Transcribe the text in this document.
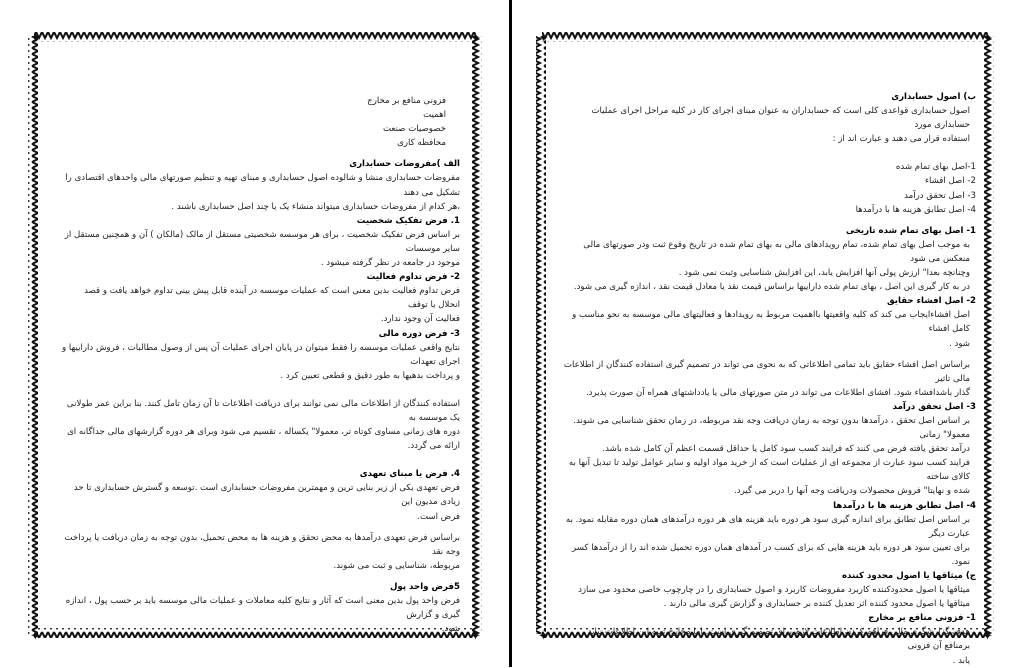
✦	✦
✦	✦

فزونی منافع بر مخارج

اهمیت

خصوصیات صنعت

محافظه کاری

الف )مفروضات حسابداری

مفروضات حسابداری منشا و شالوده اصول حسابداری و مبنای تهیه و تنظیم صورتهای مالی واحدهای اقتصادی را تشکیل می دهند

،هر کدام از مفروضات حسابداری میتواند منشاء یک یا چند اصل حسابداری باشند .

1. فرض تفکیک شخصیت

بر اساس فرض تفکیک شخصیت ، برای هر موسسه شخصیتی مستقل از مالک (مالکان ) آن و همچنین مستقل از سایر موسسات

موجود در جامعه در نظر گرفته میشود .

2- فرض تداوم فعالیت

فرض تداوم فعالیت بدین معنی است که عملیات موسسه در آینده قابل پیش بینی تداوم خواهد یافت و قصد انحلال یا توقف

فعالیت آن وجود ندارد.

3- فرض دوره مالی

نتایج واقعی عملیات موسسه را فقط میتوان در پایان اجرای عملیات آن پس از وصول مطالبات ، فروش داراییها و اجرای تعهدات

و پرداخت بدهیها به طور دقیق و قطعی تعیین کرد .

استفاده کنندگان از اطلاعات مالی نمی توانند برای دریافت اطلاعات تا آن زمان تامل کنند. بنا براین عمر طولانی یک موسسه به

دوره های زمانی مساوی کوتاه تر، معمولا" یکساله ، تقسیم می شود وبرای هر دوره گزارشهای مالی جداگانه ای ارائه می گردد.

4. فرض یا مبنای تعهدی

فرض تعهدی یکی از زیر بنایی ترین و مهمترین مفروضات حسابداری است .توسعه و گسترش حسابداری تا حد زیادی مدیون این

فرض است.

براساس فرض تعهدی درآمدها به محض تحقق و هزینه ها به محض تحمیل، بدون توجه به زمان دریافت یا پرداخت وجه نقد

مربوطه، شناسایی و ثبت می شوند.

5فرض واحد پول

فرض واحد پول بدین معنی است که آثار و نتایج کلیه معاملات و عملیات مالی موسسه باید بر حسب پول ، اندازه گیری و گزارش

شود.

✦	✦
✦	✦

ب) اصول حسابداری

اصول حسابداری قواعدی کلی است که حسابداران به عنوان مبنای اجرای کار در کلیه مراحل اجرای عملیات حسابداری مورد

استفاده قرار می دهند و عبارت اند از :

1-اصل بهای تمام شده

2- اصل افشاء

3- اصل تحقق درآمد

4- اصل تطابق هزینه ها با درآمدها

1- اصل بهای تمام شده تاریخی

به موجب اصل بهای تمام شده، تمام رویدادهای مالی به بهای تمام شده در تاریخ وقوع ثبت ودر صورتهای مالی منعکس می شود

وچنانچه بعدا" ارزش پولی آنها افزایش یابد، این افزایش شناسایی وثبت نمی شود .

در به کار گیری این اصل ، بهای تمام شده داراییها براساس قیمت نقد یا معادل قیمت نقد ، اندازه گیری می شود.

2- اصل افشاء حقایق

اصل افشاءایجاب می کند که کلیه واقعیتها بااهمیت مربوط به رویدادها و فعالیتهای مالی موسسه به نحو مناسب و کامل افشاء

شود .

براساس اصل افشاء حقایق باید تمامی اطلاعاتی که به نحوی می تواند در تصمیم گیری استفاده کنندگان از اطلاعات مالی تاثیر

گذار باشدافشاء شود. افشای اطلاعات می تواند در متن صورتهای مالی یا یادداشتهای همراه آن صورت پذیرد.

3- اصل تحقق درآمد

بر اساس اصل تحقق ، درآمدها بدون توجه به زمان دریافت وجه نقد مربوطه، در زمان تحقق شناسایی می شوند. معمولا" زمانی

درآمد تحقق یافته فرض می کنند که فرایند کسب سود کامل یا حداقل قسمت اعظم آن کامل شده باشد.

فرایند کسب سود عبارت از مجموعه ای از عملیات است که از خرید مواد اولیه و سایر عوامل تولید تا تبدیل آنها به کالای ساخته

شده و نهایتا" فروش محصولات ودریافت وجه آنها را دربر می گیرد.

4- اصل تطابق هزینه ها با درآمدها

بر اساس اصل تطابق برای اندازه گیری سود هر دوره باید هزینه های هر دوره درآمدهای همان دوره مقابله نمود. به عبارت دیگر

برای تعیین سود هر دوره باید هزینه هایی که برای کسب در آمدهای همان دوره تحمیل شده اند را از درآمدها کسر نمود.

ج) میثاقها یا اصول محدود کننده

میثاقها یا اصول محدودکننده کاربرد مفروضات کاربرد و اصول حسابداری را در چارچوب خاصی محدود می سازد

میثاقها یا اصول محدود کننده اثر تعدیل کننده بر حسابداری و گزارش گیری مالی دارند .

1- فزونی منافع بر مخارج

هدف گزارشگری مالی فراهم کردن اطلاعات لازم برای تصمیم گیری است. اما مخارج تهیه این اطلاعات نباید برمنافع آن فزونی

یابد .
